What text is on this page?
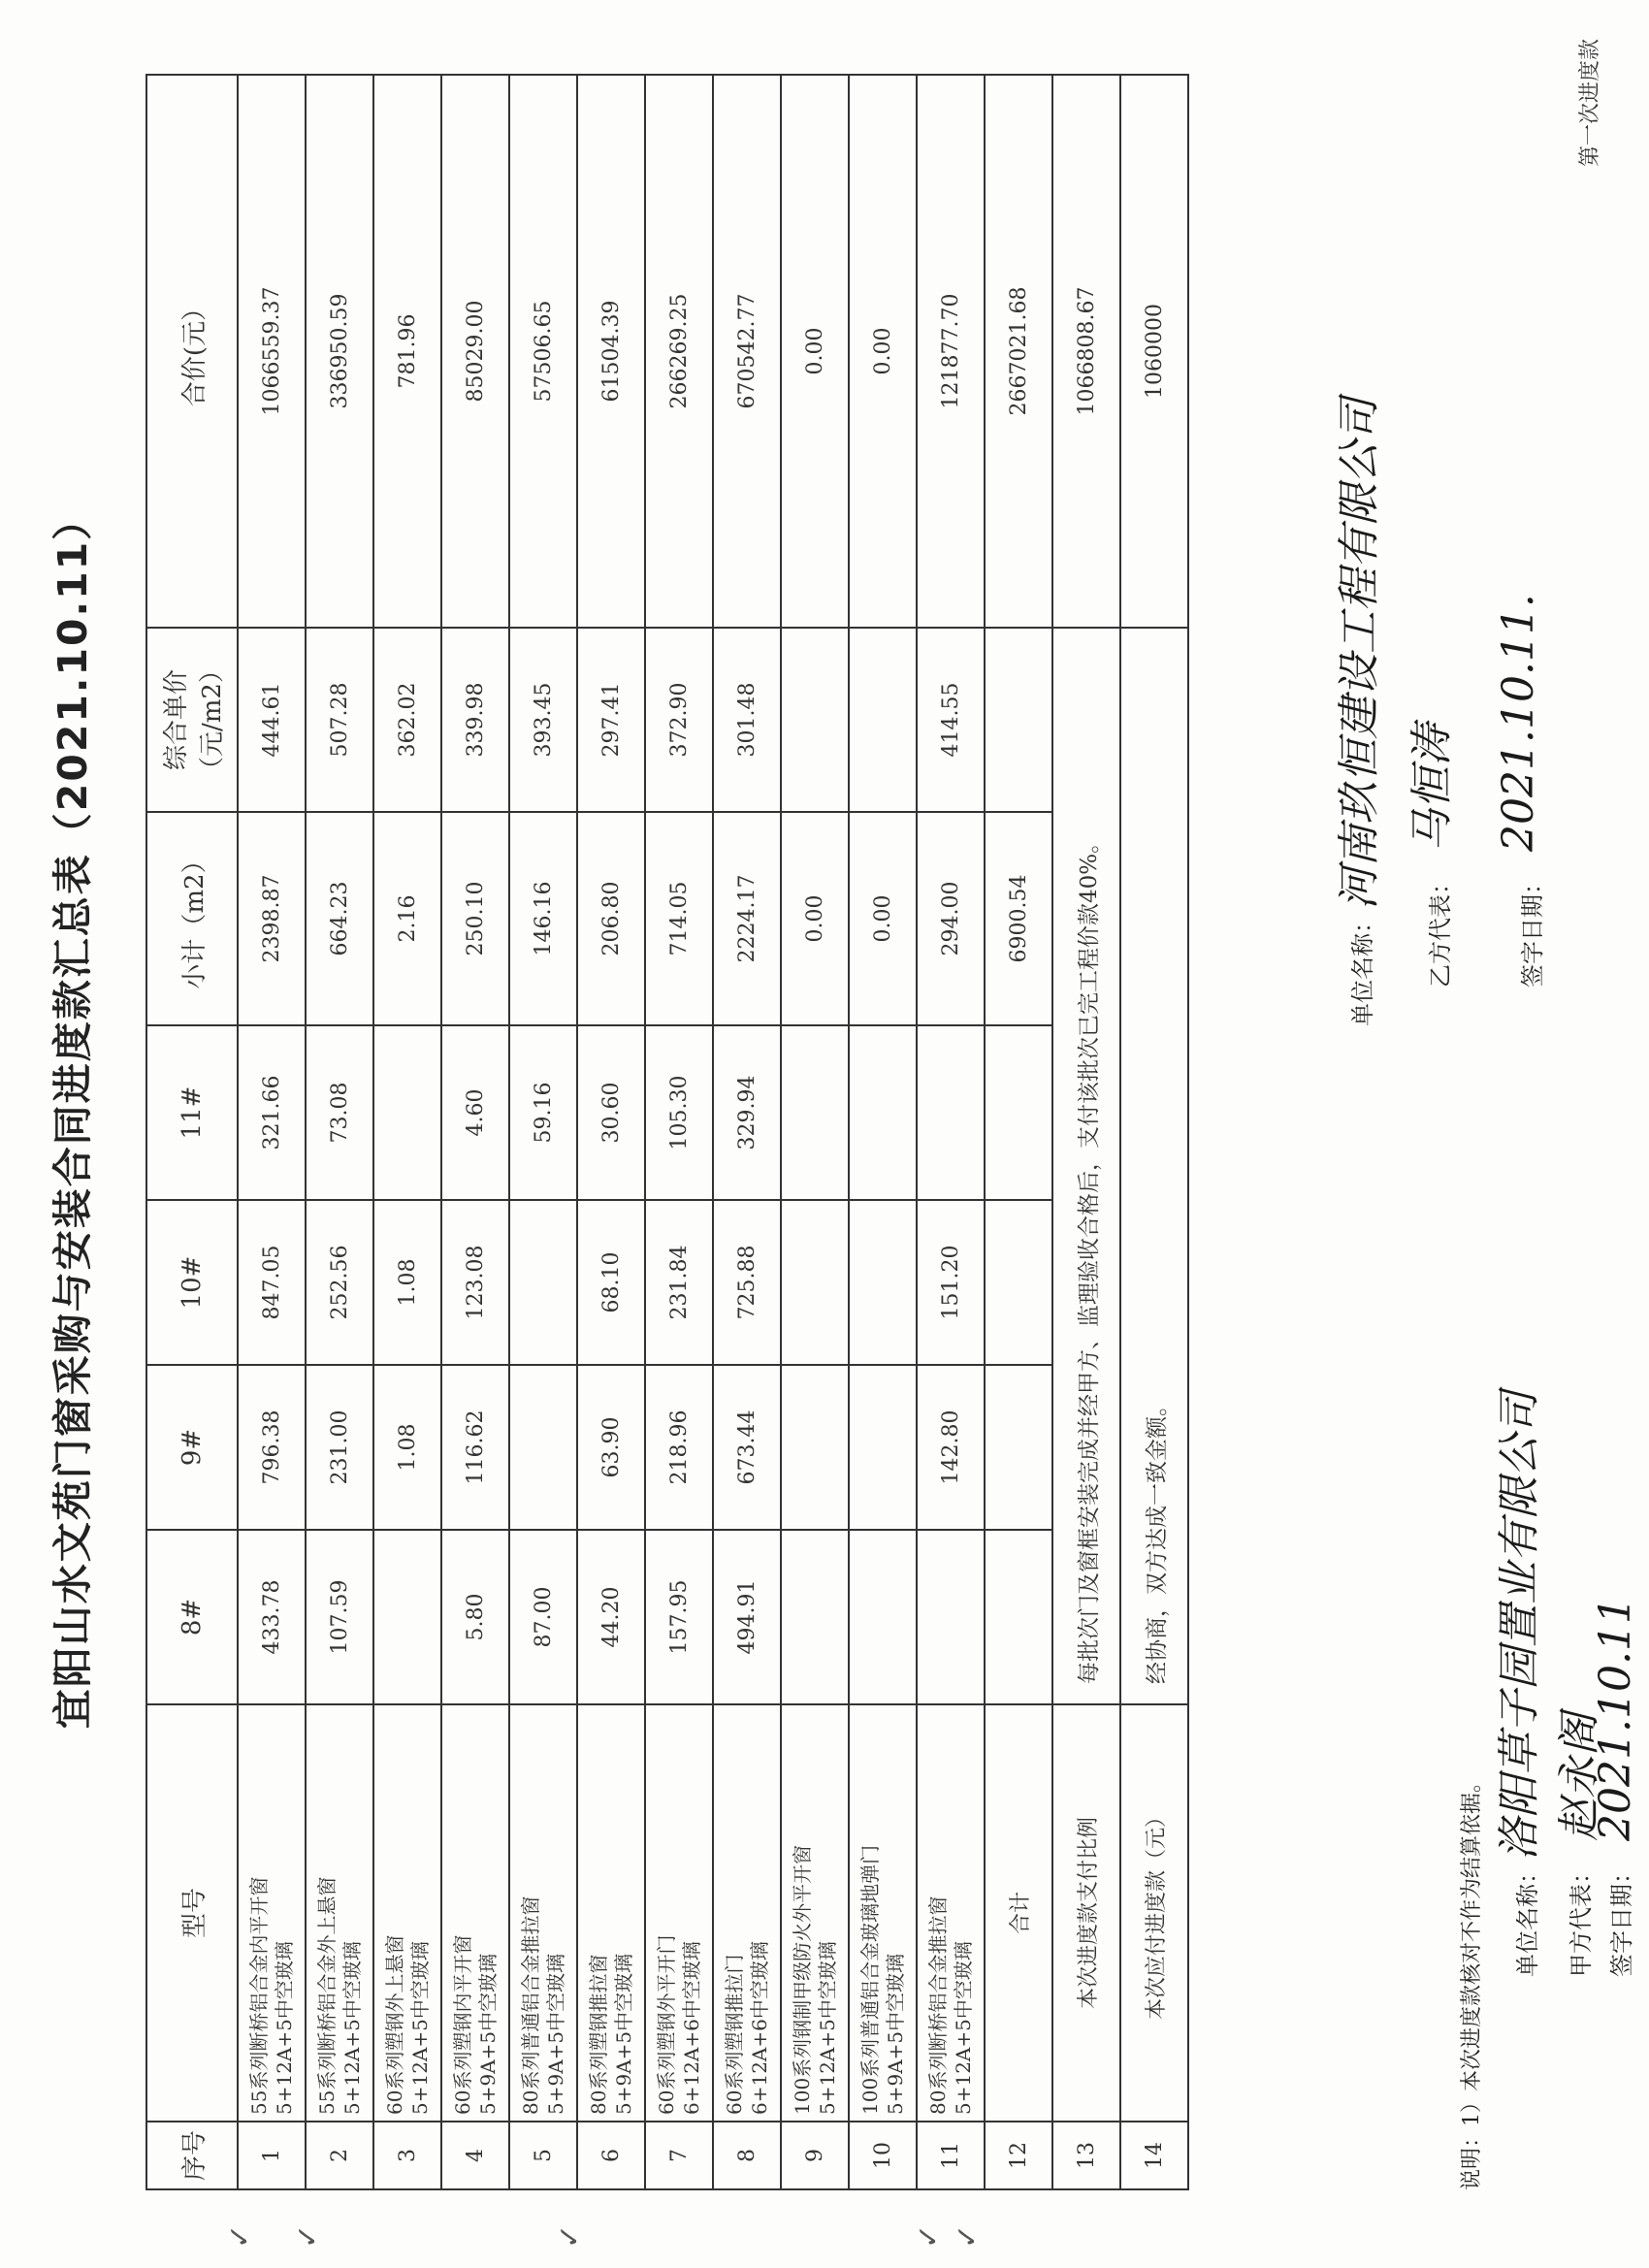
宜阳山水文苑门窗采购与安装合同进度款汇总表（2021.10.11）
第一次进度款
序号	型号	8#	9#	10#	11#	小计（m2）	综合单价（元/m2）	合价(元）
1	55系列断桥铝合金内平开窗 5+12A+5中空玻璃	433.78	796.38	847.05	321.66	2398.87	444.61	1066559.37
2	55系列断桥铝合金外上悬窗 5+12A+5中空玻璃	107.59	231.00	252.56	73.08	664.23	507.28	336950.59
3	60系列塑钢外上悬窗 5+12A+5中空玻璃		1.08	1.08		2.16	362.02	781.96
4	60系列塑钢内平开窗 5+9A+5中空玻璃	5.80	116.62	123.08	4.60	250.10	339.98	85029.00
5	80系列普通铝合金推拉窗 5+9A+5中空玻璃	87.00			59.16	146.16	393.45	57506.65
6	80系列塑钢推拉窗 5+9A+5中空玻璃	44.20	63.90	68.10	30.60	206.80	297.41	61504.39
7	60系列塑钢外平开门 6+12A+6中空玻璃	157.95	218.96	231.84	105.30	714.05	372.90	266269.25
8	60系列塑钢推拉门 6+12A+6中空玻璃	494.91	673.44	725.88	329.94	2224.17	301.48	670542.77
9	100系列钢制甲级防火外平开窗 5+12A+5中空玻璃					0.00		0.00
10	100系列普通铝合金玻璃地弹门 5+9A+5中空玻璃					0.00		0.00
11	80系列断桥铝合金推拉窗 5+12A+5中空玻璃		142.80	151.20		294.00	414.55	121877.70
12	合计					6900.54		2667021.68
13	本次进度款支付比例	每批次门及窗框安装完成并经甲方、监理验收合格后，支付该批次已完工程价款40%。						1066808.67
14	本次应付进度款（元）	经协商，双方达成一致金额。						1060000
说明：1）本次进度款核对不作为结算依据。 单位名称：
洛阳草子园置业有限公司
甲方代表：
赵永阁
签字日期：
2021.10.11
单位名称：
河南玖恒建设工程有限公司
乙方代表：
马恒涛
签字日期：
2021.10.11.
✓ ✓	✓	✓ ✓
